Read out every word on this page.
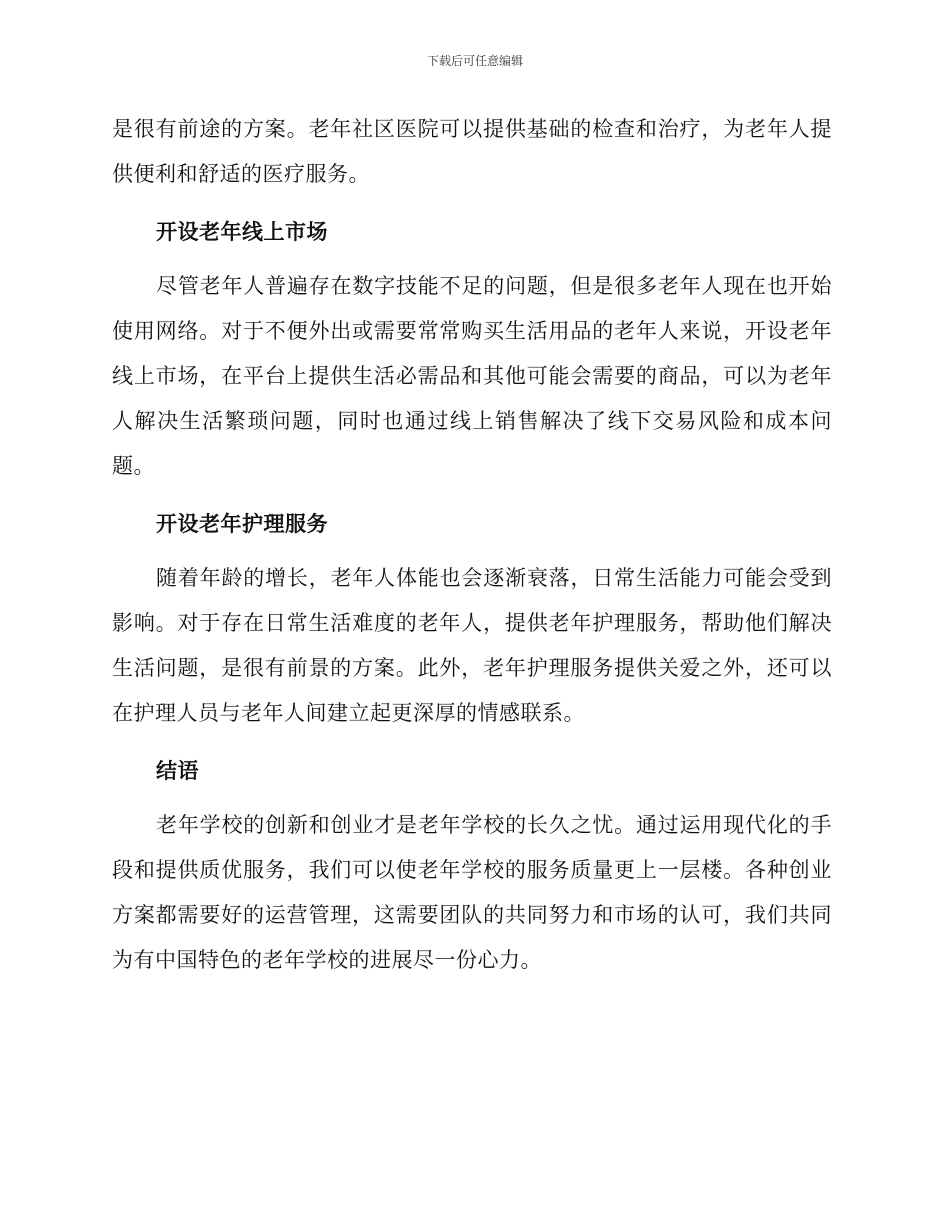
下载后可任意编辑

是很有前途的方案。老年社区医院可以提供基础的检查和治疗，为老年人提供便利和舒适的医疗服务。

开设老年线上市场

尽管老年人普遍存在数字技能不足的问题，但是很多老年人现在也开始使用网络。对于不便外出或需要常常购买生活用品的老年人来说，开设老年线上市场，在平台上提供生活必需品和其他可能会需要的商品，可以为老年人解决生活繁琐问题，同时也通过线上销售解决了线下交易风险和成本问题。

开设老年护理服务

随着年龄的增长，老年人体能也会逐渐衰落，日常生活能力可能会受到影响。对于存在日常生活难度的老年人，提供老年护理服务，帮助他们解决生活问题，是很有前景的方案。此外，老年护理服务提供关爱之外，还可以在护理人员与老年人间建立起更深厚的情感联系。

结语

老年学校的创新和创业才是老年学校的长久之忧。通过运用现代化的手段和提供质优服务，我们可以使老年学校的服务质量更上一层楼。各种创业方案都需要好的运营管理，这需要团队的共同努力和市场的认可，我们共同为有中国特色的老年学校的进展尽一份心力。
